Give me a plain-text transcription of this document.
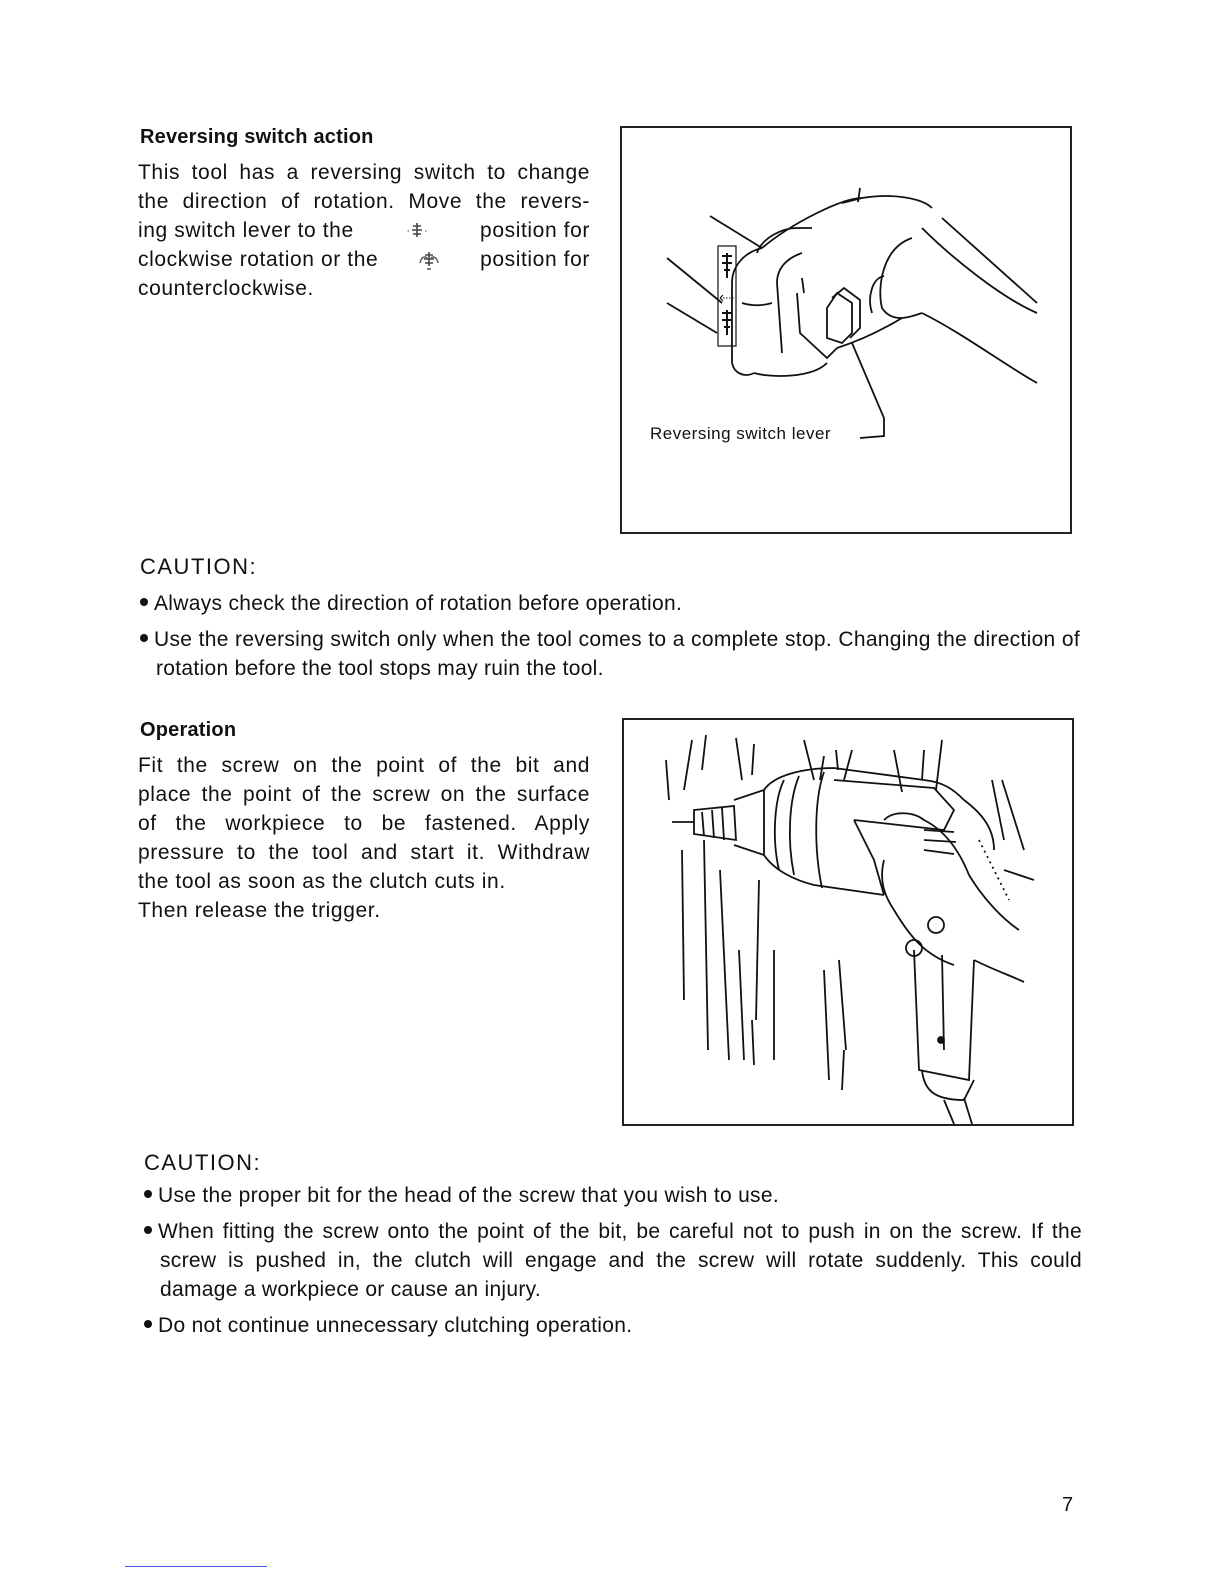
Reversing switch action
This tool has a reversing switch to change
the direction of rotation. Move the revers-
ing switch lever to the	position for
clockwise rotation or the	position for
counterclockwise.
Reversing switch lever
CAUTION:
Always check the direction of rotation before operation.
Use the reversing switch only when the tool comes to a complete stop. Changing the direction of rotation before the tool stops may ruin the tool.
Operation
Fit the screw on the point of the bit and
place the point of the screw on the surface
of the workpiece to be fastened. Apply
pressure to the tool and start it. Withdraw
the tool as soon as the clutch cuts in.
Then release the trigger.
CAUTION:
Use the proper bit for the head of the screw that you wish to use.
When fitting the screw onto the point of the bit, be careful not to push in on the screw. If the screw is pushed in, the clutch will engage and the screw will rotate suddenly. This could damage a workpiece or cause an injury.
Do not continue unnecessary clutching operation.
7
